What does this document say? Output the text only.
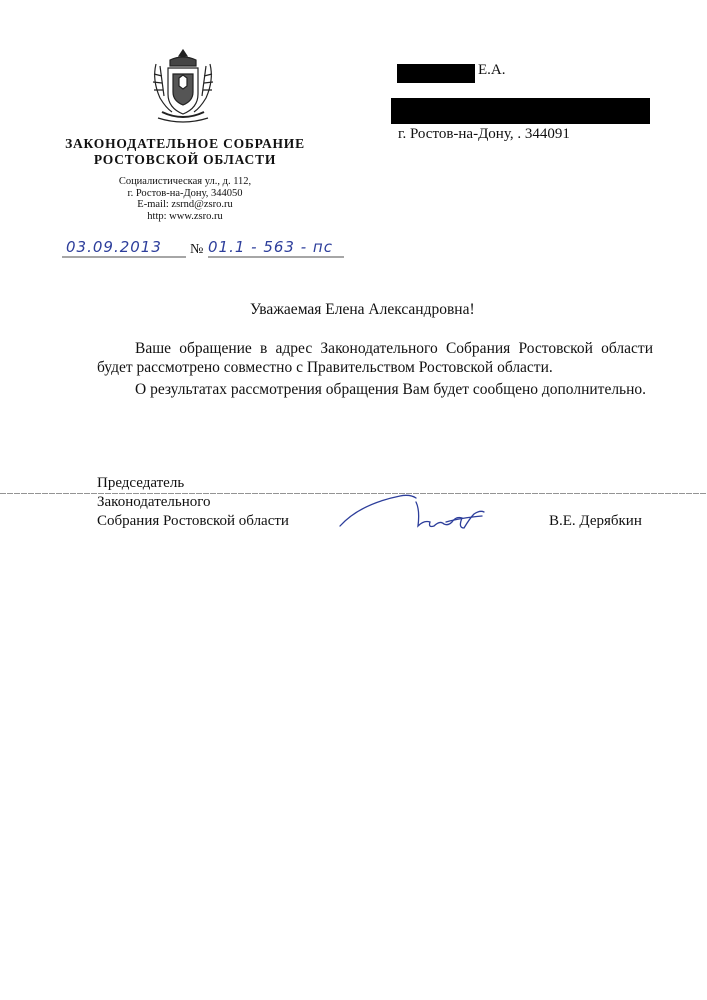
ЗАКОНОДАТЕЛЬНОЕ СОБРАНИЕ
РОСТОВСКОЙ ОБЛАСТИ
Социалистическая ул., д. 112,
г. Ростов-на-Дону, 344050
E-mail: zsrnd@zsro.ru
http: www.zsro.ru
03.09.2013 № 01.1 - 563 - пс
Е.А.
г. Ростов-на-Дону, . 344091
Уважаемая Елена Александровна!
Ваше обращение в адрес Законодательного Собрания Ростовской области будет рассмотрено совместно с Правительством Ростовской области.
О результатах рассмотрения обращения Вам будет сообщено дополнительно.
Председатель
Законодательного
Собрания Ростовской области	В.Е. Дерябкин
